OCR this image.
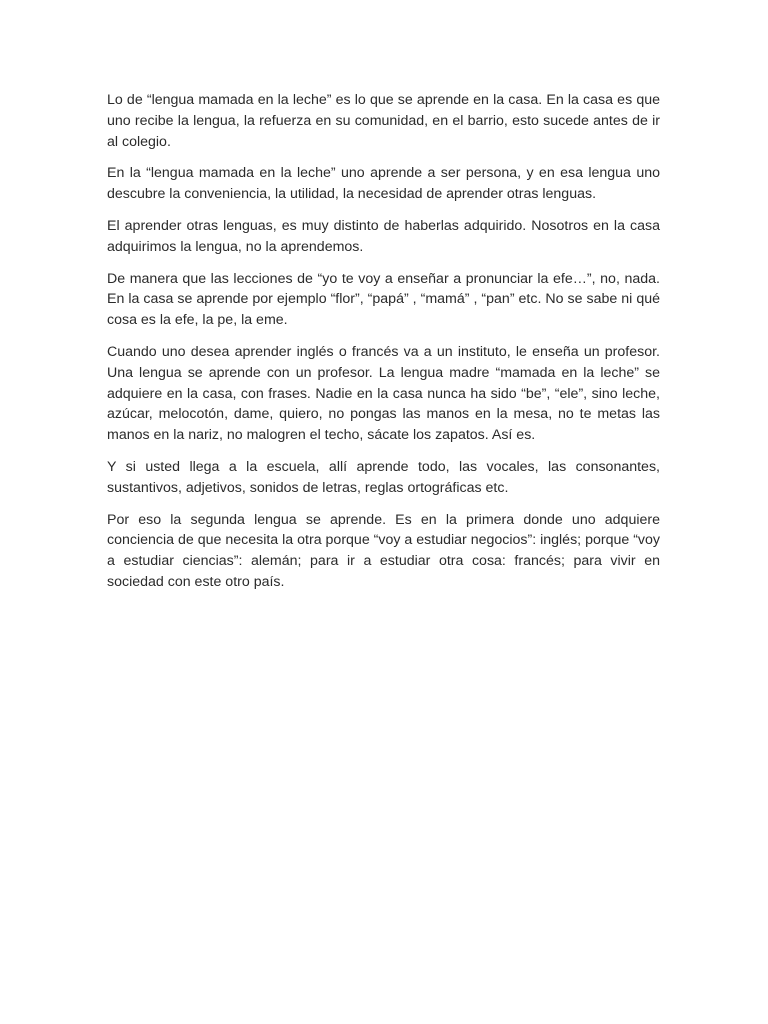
Lo de “lengua mamada en la leche” es lo que se aprende en la casa. En la casa es que uno recibe la lengua, la refuerza en su comunidad, en el barrio, esto sucede antes de ir al colegio.

En la “lengua mamada en la leche” uno aprende a ser persona, y en esa lengua uno descubre la conveniencia, la utilidad, la necesidad de aprender otras lenguas.

El aprender otras lenguas, es muy distinto de haberlas adquirido. Nosotros en la casa adquirimos la lengua, no la aprendemos.

De manera que las lecciones de “yo te voy a enseñar a pronunciar la efe…”, no, nada. En la casa se aprende por ejemplo “flor”, “papá” , “mamá” , “pan” etc. No se sabe ni qué cosa es la efe, la pe, la eme.

Cuando uno desea aprender inglés o francés va a un instituto, le enseña un profesor. Una lengua se aprende con un profesor. La lengua madre “mamada en la leche” se adquiere en la casa, con frases. Nadie en la casa nunca ha sido “be”, “ele”, sino leche, azúcar, melocotón, dame, quiero, no pongas las manos en la mesa, no te metas las manos en la nariz, no malogren el techo, sácate los zapatos. Así es.

Y si usted llega a la escuela, allí aprende todo, las vocales, las consonantes, sustantivos, adjetivos, sonidos de letras, reglas ortográficas etc.

Por eso la segunda lengua se aprende. Es en la primera donde uno adquiere conciencia de que necesita la otra porque “voy a estudiar negocios”: inglés; porque “voy a estudiar ciencias”: alemán; para ir a estudiar otra cosa: francés; para vivir en sociedad con este otro país.
